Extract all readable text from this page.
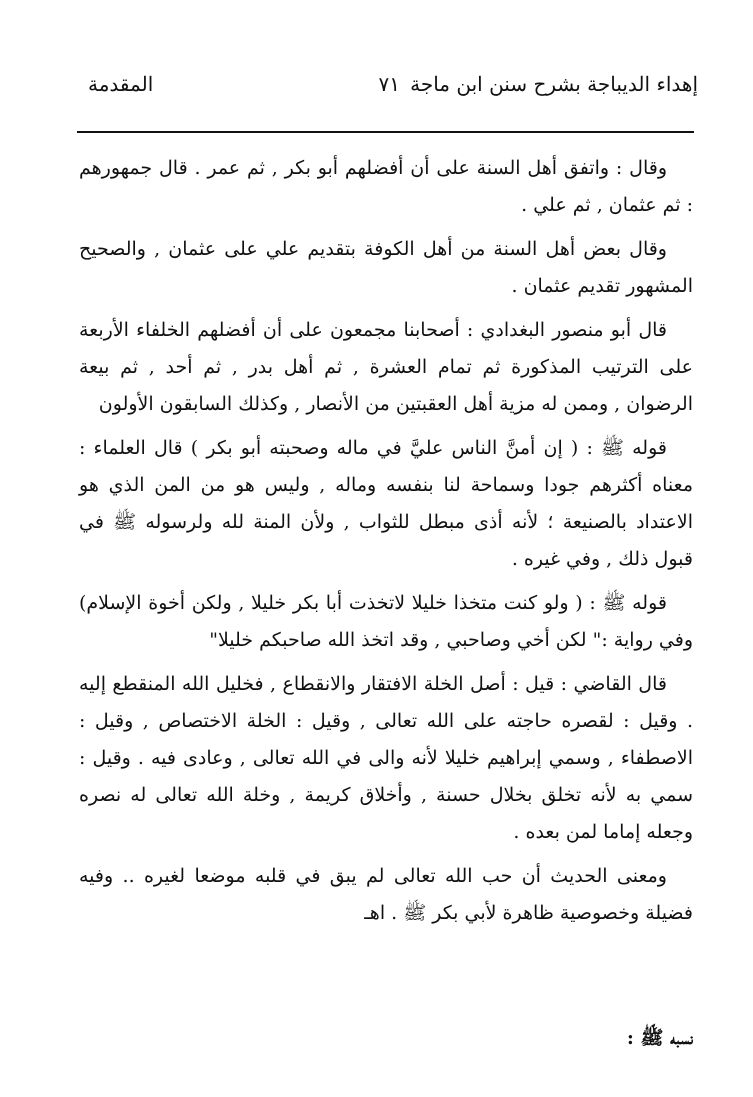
إهداء الديباجة بشرح سنن ابن ماجة
٧١
المقدمة

وقال : واتفق أهل السنة على أن أفضلهم أبو بكر , ثم عمر . قال جمهورهم : ثم عثمان , ثم علي .

وقال بعض أهل السنة من أهل الكوفة بتقديم علي على عثمان , والصحيح المشهور تقديم عثمان .

قال أبو منصور البغدادي : أصحابنا مجمعون على أن أفضلهم الخلفاء الأربعة على الترتيب المذكورة ثم تمام العشرة , ثم أهل بدر , ثم أحد , ثم بيعة الرضوان , وممن له مزية أهل العقبتين من الأنصار , وكذلك السابقون الأولون

قوله ﷺ : ( إن أمنَّ الناس عليَّ في ماله وصحبته أبو بكر ) قال العلماء : معناه أكثرهم جودا وسماحة لنا بنفسه وماله , وليس هو من المن الذي هو الاعتداد بالصنيعة ؛ لأنه أذى مبطل للثواب , ولأن المنة لله ولرسوله ﷺ في قبول ذلك , وفي غيره .

قوله ﷺ : ( ولو كنت متخذا خليلا لاتخذت أبا بكر خليلا , ولكن أخوة الإسلام) وفي رواية :" لكن أخي وصاحبي , وقد اتخذ الله صاحبكم خليلا"

قال القاضي : قيل : أصل الخلة الافتقار والانقطاع , فخليل الله المنقطع إليه . وقيل : لقصره حاجته على الله تعالى , وقيل : الخلة الاختصاص , وقيل : الاصطفاء , وسمي إبراهيم خليلا لأنه والى في الله تعالى , وعادى فيه . وقيل : سمي به لأنه تخلق بخلال حسنة , وأخلاق كريمة , وخلة الله تعالى له نصره وجعله إماما لمن بعده .

ومعنى الحديث أن حب الله تعالى لم يبق في قلبه موضعا لغيره .. وفيه فضيلة وخصوصية ظاهرة لأبي بكر ﷺ . اهـ

نسبه ﷺ :
